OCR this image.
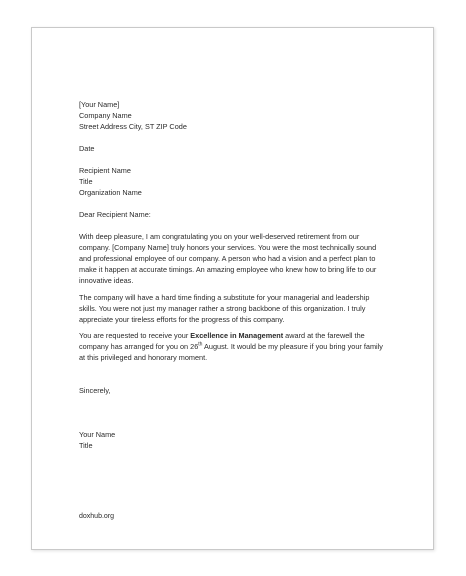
[Your Name]
Company Name
Street Address City, ST ZIP Code
Date
Recipient Name
Title
Organization Name
Dear Recipient Name:
With deep pleasure, I am congratulating you on your well-deserved retirement from our
company. [Company Name] truly honors your services. You were the most technically sound
and professional employee of our company. A person who had a vision and a perfect plan to
make it happen at accurate timings. An amazing employee who knew how to bring life to our
innovative ideas.
The company will have a hard time finding a substitute for your managerial and leadership
skills. You were not just my manager rather a strong backbone of this organization. I truly
appreciate your tireless efforts for the progress of this company.
You are requested to receive your Excellence in Management award at the farewell the
company has arranged for you on 26th August. It would be my pleasure if you bring your family
at this privileged and honorary moment.
Sincerely,
Your Name
Title
doxhub.org
